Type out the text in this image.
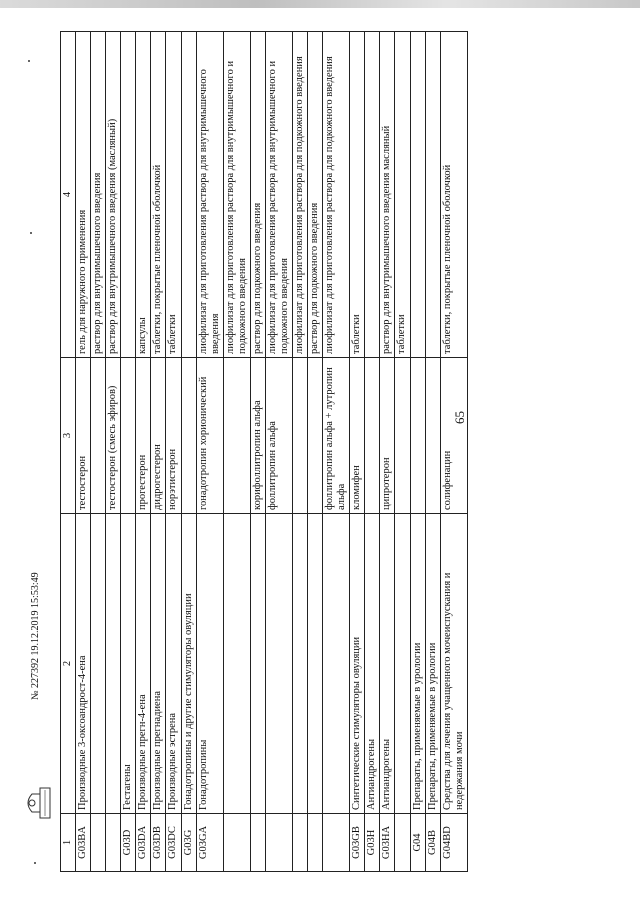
65
1	2	3	4
G03BA	Производные 3-оксоандрост-4-ена	тестостерон	гель для наружного применения
			раствор для внутримышечного введения
		тестостерон (смесь эфиров)	раствор для внутримышечного введения (масляный)
G03D	Гестагены		
G03DA	Производные прегн-4-ена	прогестерон	капсулы
G03DB	Производные прегнадиена	дидрогестерон	таблетки, покрытые пленочной оболочкой
G03DC	Производные эстрена	норэтистерон	таблетки
G03G	Гонадотропины и другие стимуляторы овуляции		
G03GA	Гонадотропины	гонадотропин хорионический	лиофилизат для приготовления раствора для внутримышечного введения
			лиофилизат для приготовления раствора для внутримышечного и подкожного введения
		корифоллитропин альфа	раствор для подкожного введения
		фоллитропин альфа	лиофилизат для приготовления раствора для внутримышечного и подкожного введения
			лиофилизат для приготовления раствора для подкожного введения
			раствор для подкожного введения
		фоллитропин альфа + лутропин альфа	лиофилизат для приготовления раствора для подкожного введения
G03GB	Синтетические стимуляторы овуляции	кломифен	таблетки
G03H	Антиандрогены		
G03HA	Антиандрогены	ципротерон	раствор для внутримышечного введения масляный
			таблетки
G04	Препараты, применяемые в урологии		
G04B	Препараты, применяемые в урологии		
G04BD	Средства для лечения учащенного мочеиспускания и недержания мочи	солифенацин	таблетки, покрытые пленочной оболочкой
№ 227392 19.12.2019 15:53:49
